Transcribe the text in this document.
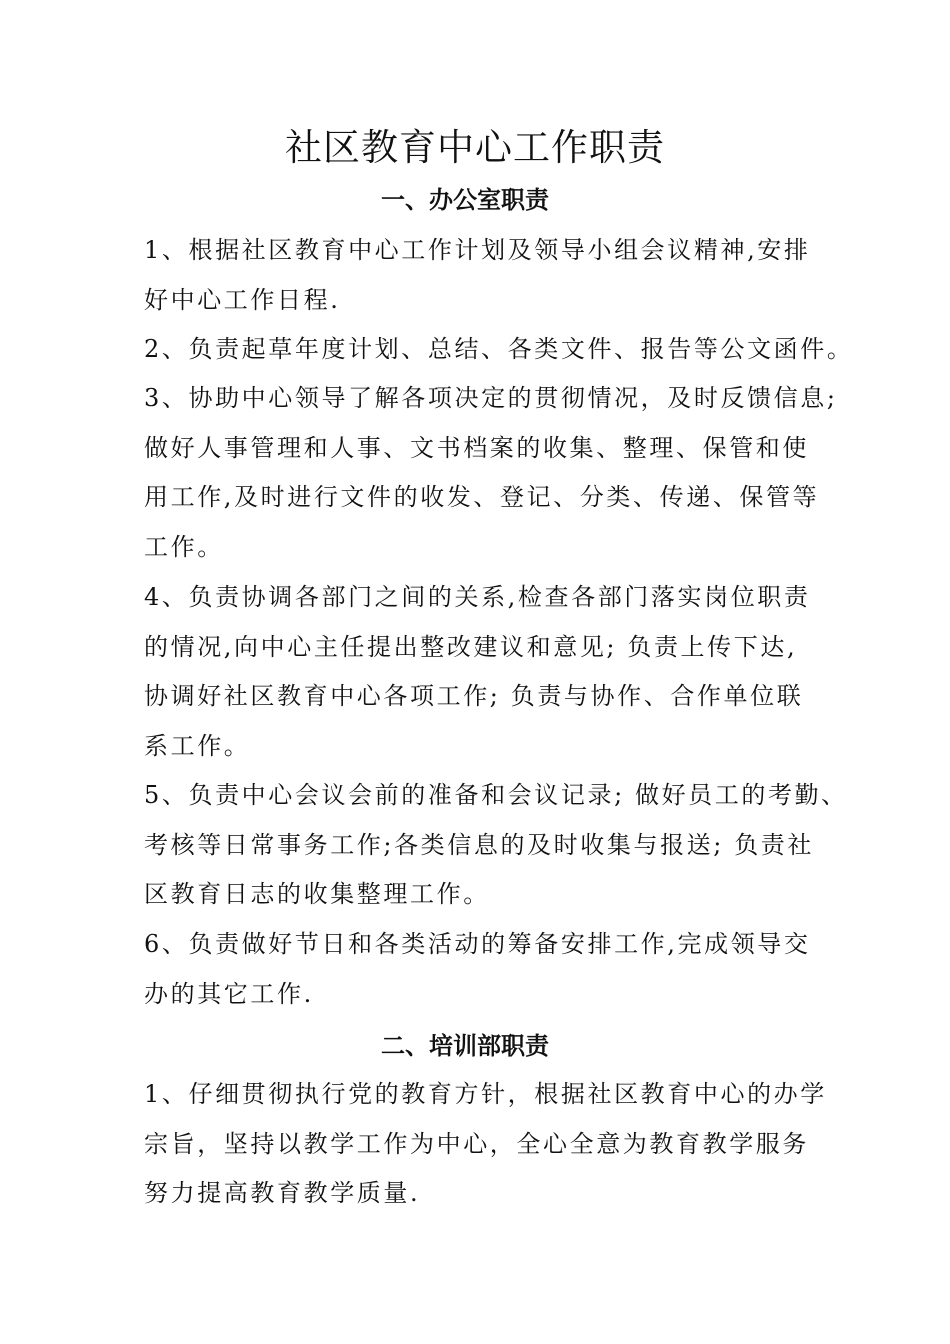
社区教育中心工作职责
一、办公室职责
1、根据社区教育中心工作计划及领导小组会议精神,安排
好中心工作日程.
2、负责起草年度计划、总结、各类文件、报告等公文函件。
3、协助中心领导了解各项决定的贯彻情况，及时反馈信息;
做好人事管理和人事、文书档案的收集、整理、保管和使
用工作,及时进行文件的收发、登记、分类、传递、保管等
工作。
4、负责协调各部门之间的关系,检查各部门落实岗位职责
的情况,向中心主任提出整改建议和意见; 负责上传下达,
协调好社区教育中心各项工作; 负责与协作、合作单位联
系工作。
5、负责中心会议会前的准备和会议记录; 做好员工的考勤、
考核等日常事务工作;各类信息的及时收集与报送; 负责社
区教育日志的收集整理工作。
6、负责做好节日和各类活动的筹备安排工作,完成领导交
办的其它工作.
二、培训部职责
1、仔细贯彻执行党的教育方针，根据社区教育中心的办学
宗旨，坚持以教学工作为中心，全心全意为教育教学服务
努力提高教育教学质量.
